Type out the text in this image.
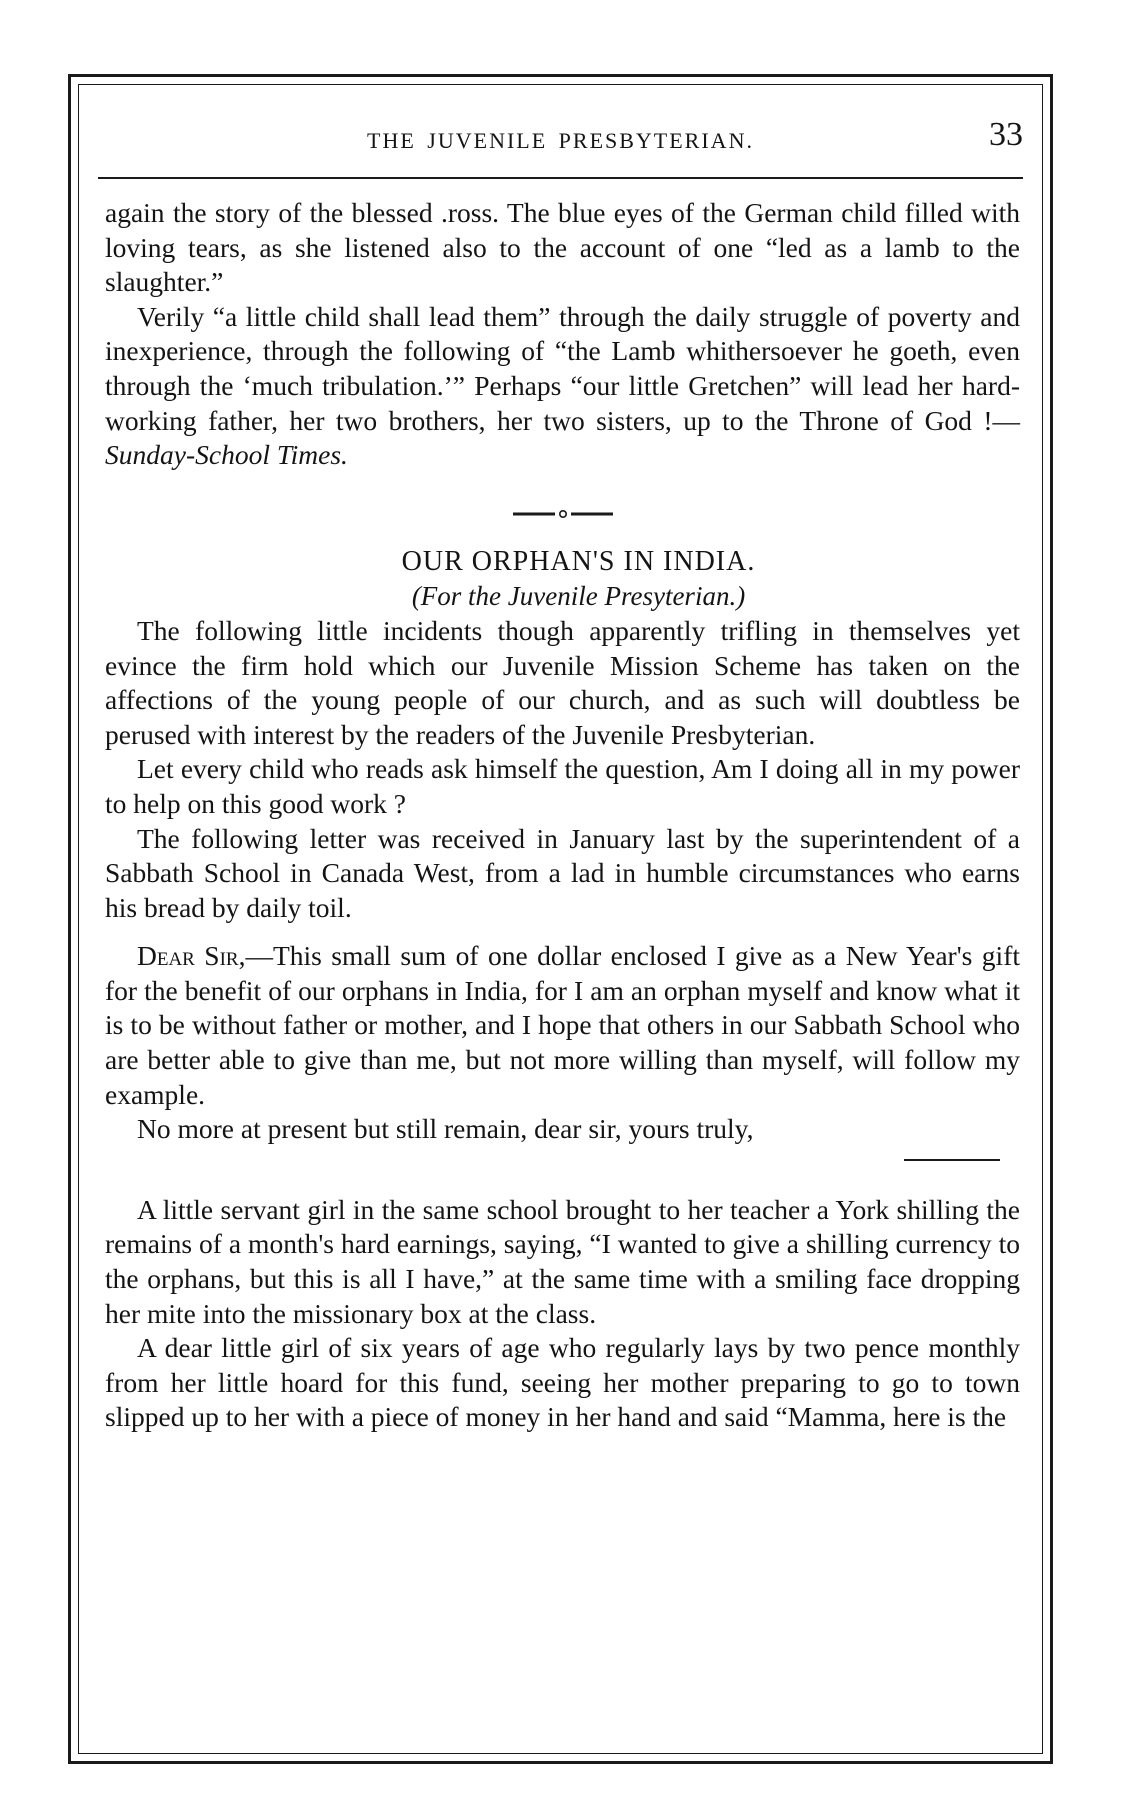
THE JUVENILE PRESBYTERIAN.	33

again the story of the blessed .ross. The blue eyes of the German child filled with loving tears, as she listened also to the account of one “led as a lamb to the slaughter.”

Verily “a little child shall lead them” through the daily struggle of poverty and inexperience, through the following of “the Lamb whithersoever he goeth, even through the ‘much tribulation.’” Perhaps “our little Gretchen” will lead her hard-working father, her two brothers, her two sisters, up to the Throne of God !—Sunday-School Times.

OUR ORPHAN'S IN INDIA.

(For the Juvenile Presyterian.)

The following little incidents though apparently trifling in themselves yet evince the firm hold which our Juvenile Mission Scheme has taken on the affections of the young people of our church, and as such will doubtless be perused with interest by the readers of the Juvenile Presbyterian.

Let every child who reads ask himself the question, Am I doing all in my power to help on this good work ?

The following letter was received in January last by the superintendent of a Sabbath School in Canada West, from a lad in humble circumstances who earns his bread by daily toil.

Dear Sir,—This small sum of one dollar enclosed I give as a New Year's gift for the benefit of our orphans in India, for I am an orphan myself and know what it is to be without father or mother, and I hope that others in our Sabbath School who are better able to give than me, but not more willing than myself, will follow my example.

No more at present but still remain, dear sir, yours truly,

A little servant girl in the same school brought to her teacher a York shilling the remains of a month's hard earnings, saying, “I wanted to give a shilling currency to the orphans, but this is all I have,” at the same time with a smiling face dropping her mite into the missionary box at the class.

A dear little girl of six years of age who regularly lays by two pence monthly from her little hoard for this fund, seeing her mother preparing to go to town slipped up to her with a piece of money in her hand and said “Mamma, here is the
